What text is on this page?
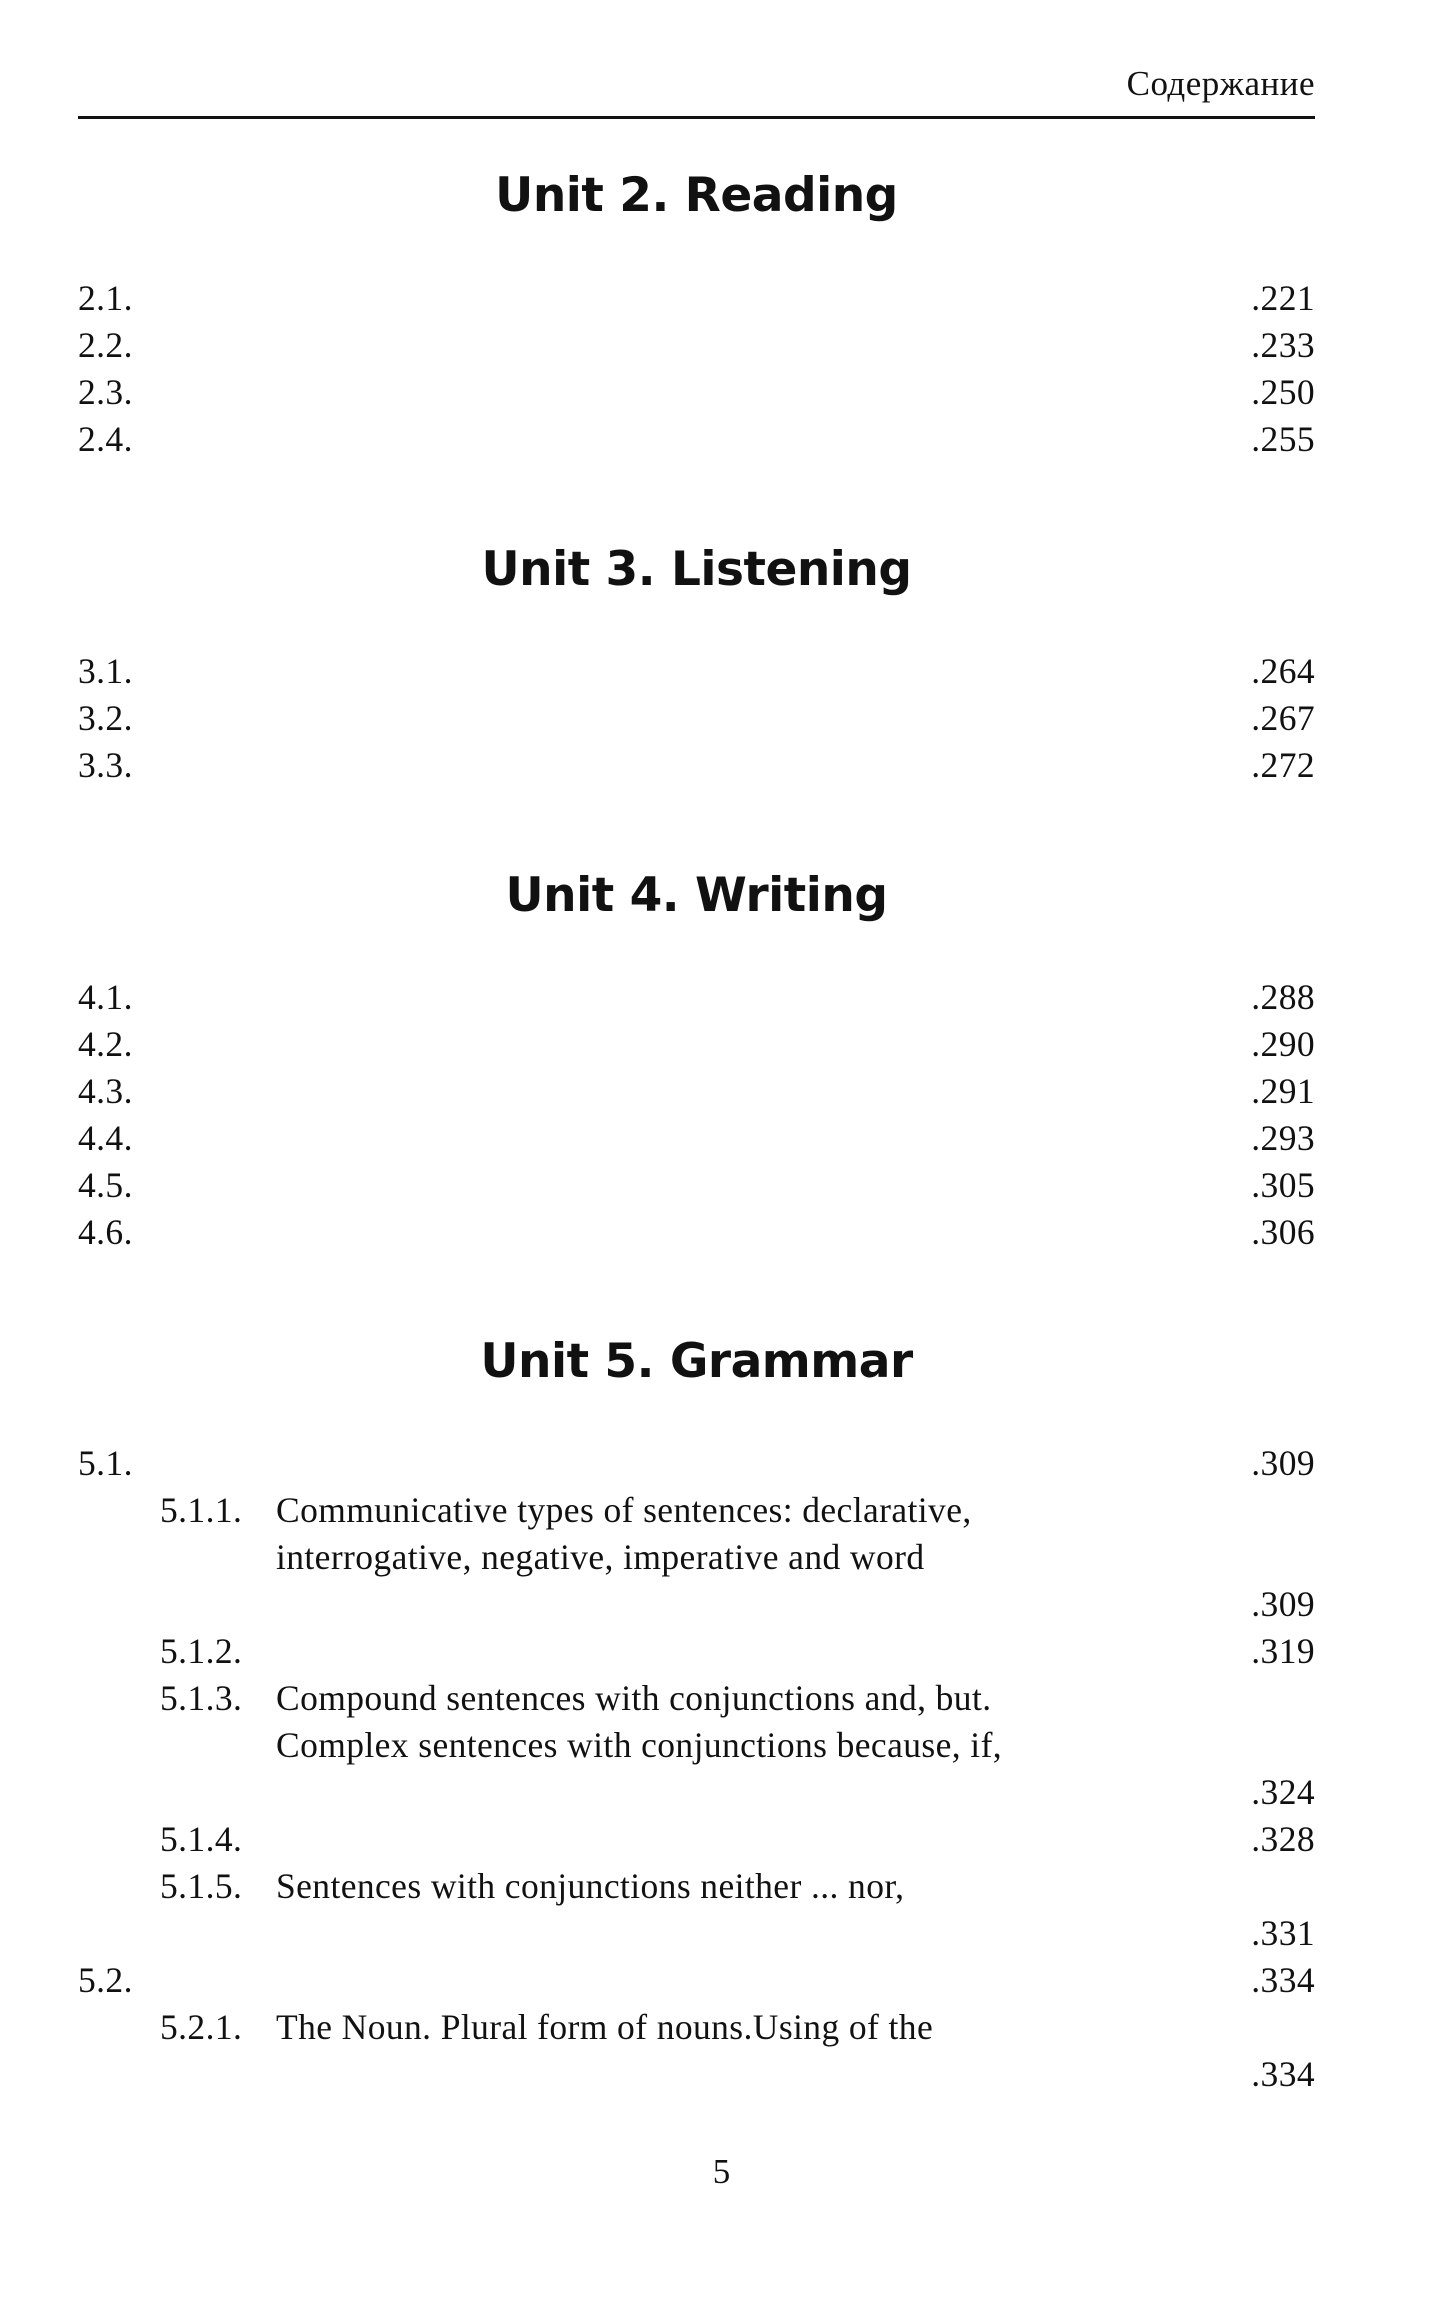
Содержание
Unit 2. Reading
2.1.	.221
2.2.	.233
2.3.	.250
2.4.	.255
Unit 3. Listening
3.1.	.264
3.2.	.267
3.3.	.272
Unit 4. Writing
4.1.	.288
4.2.	.290
4.3.	.291
4.4.	.293
4.5.	.305
4.6.	.306
Unit 5. Grammar
5.1.	.309
5.1.1. Communicative types of sentences: declarative,
interrogative, negative, imperative and word
.309
5.1.2.	.319
5.1.3. Compound sentences with conjunctions and, but.
Complex sentences with conjunctions because, if,
.324
5.1.4.	.328
5.1.5. Sentences with conjunctions neither ... nor,
.331
5.2.	.334
5.2.1. The Noun. Plural form of nouns.Using of the
.334
5
